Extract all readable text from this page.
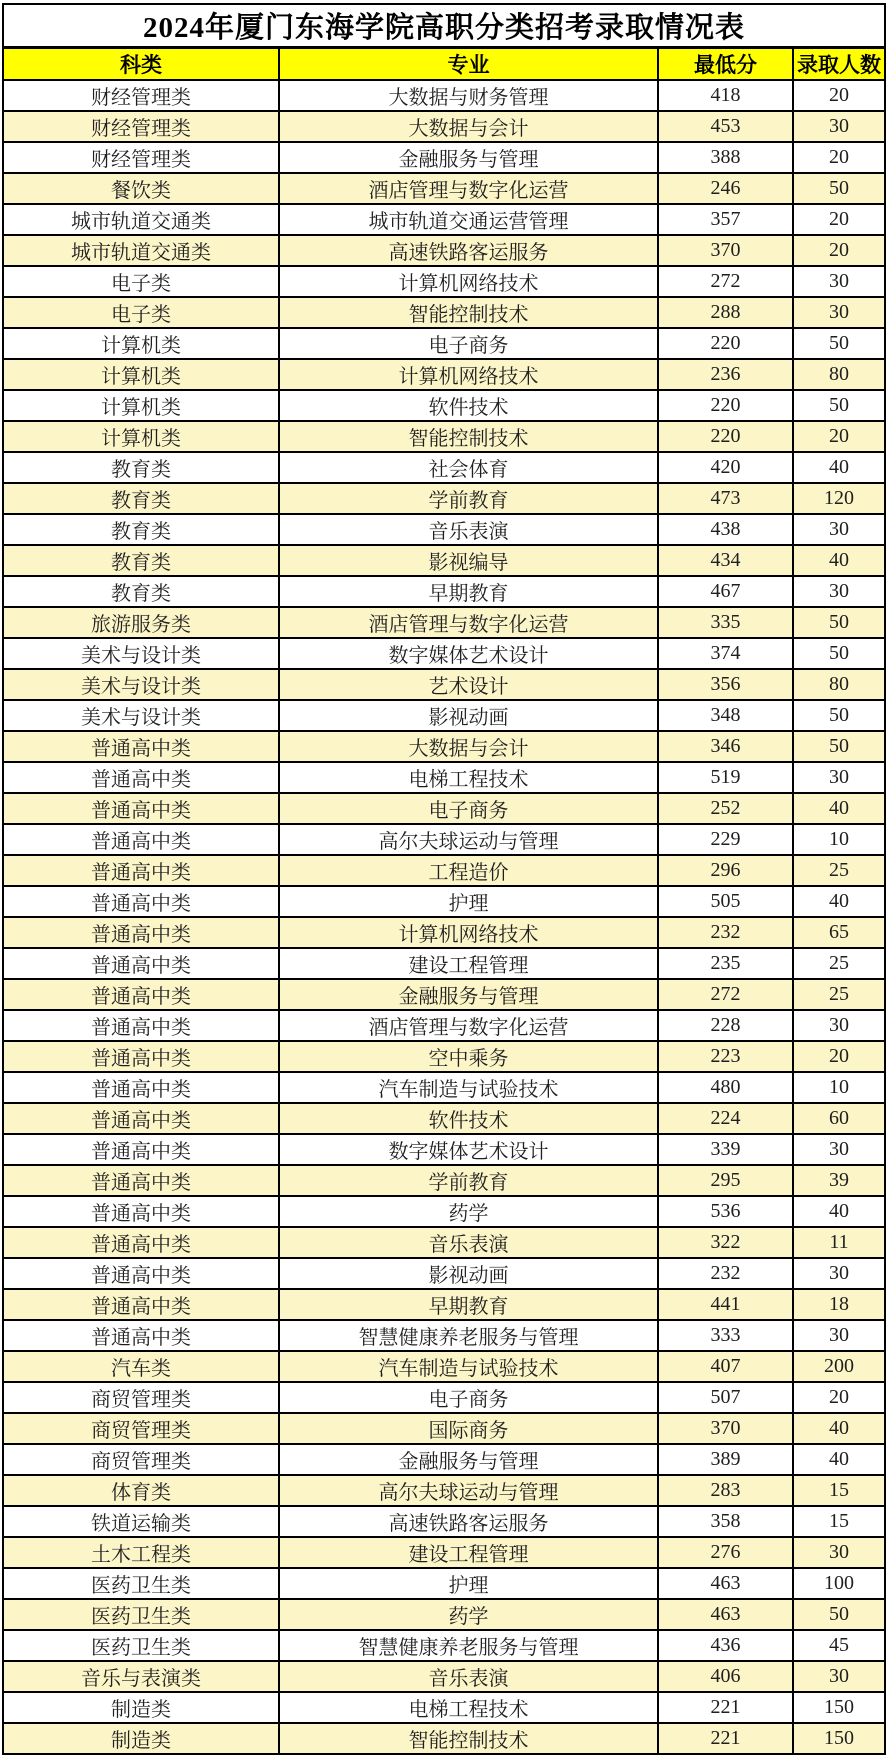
2024年厦门东海学院高职分类招考录取情况表			
科类	专业	最低分	录取人数
财经管理类	大数据与财务管理	418	20
财经管理类	大数据与会计	453	30
财经管理类	金融服务与管理	388	20
餐饮类	酒店管理与数字化运营	246	50
城市轨道交通类	城市轨道交通运营管理	357	20
城市轨道交通类	高速铁路客运服务	370	20
电子类	计算机网络技术	272	30
电子类	智能控制技术	288	30
计算机类	电子商务	220	50
计算机类	计算机网络技术	236	80
计算机类	软件技术	220	50
计算机类	智能控制技术	220	20
教育类	社会体育	420	40
教育类	学前教育	473	120
教育类	音乐表演	438	30
教育类	影视编导	434	40
教育类	早期教育	467	30
旅游服务类	酒店管理与数字化运营	335	50
美术与设计类	数字媒体艺术设计	374	50
美术与设计类	艺术设计	356	80
美术与设计类	影视动画	348	50
普通高中类	大数据与会计	346	50
普通高中类	电梯工程技术	519	30
普通高中类	电子商务	252	40
普通高中类	高尔夫球运动与管理	229	10
普通高中类	工程造价	296	25
普通高中类	护理	505	40
普通高中类	计算机网络技术	232	65
普通高中类	建设工程管理	235	25
普通高中类	金融服务与管理	272	25
普通高中类	酒店管理与数字化运营	228	30
普通高中类	空中乘务	223	20
普通高中类	汽车制造与试验技术	480	10
普通高中类	软件技术	224	60
普通高中类	数字媒体艺术设计	339	30
普通高中类	学前教育	295	39
普通高中类	药学	536	40
普通高中类	音乐表演	322	11
普通高中类	影视动画	232	30
普通高中类	早期教育	441	18
普通高中类	智慧健康养老服务与管理	333	30
汽车类	汽车制造与试验技术	407	200
商贸管理类	电子商务	507	20
商贸管理类	国际商务	370	40
商贸管理类	金融服务与管理	389	40
体育类	高尔夫球运动与管理	283	15
铁道运输类	高速铁路客运服务	358	15
土木工程类	建设工程管理	276	30
医药卫生类	护理	463	100
医药卫生类	药学	463	50
医药卫生类	智慧健康养老服务与管理	436	45
音乐与表演类	音乐表演	406	30
制造类	电梯工程技术	221	150
制造类	智能控制技术	221	150
